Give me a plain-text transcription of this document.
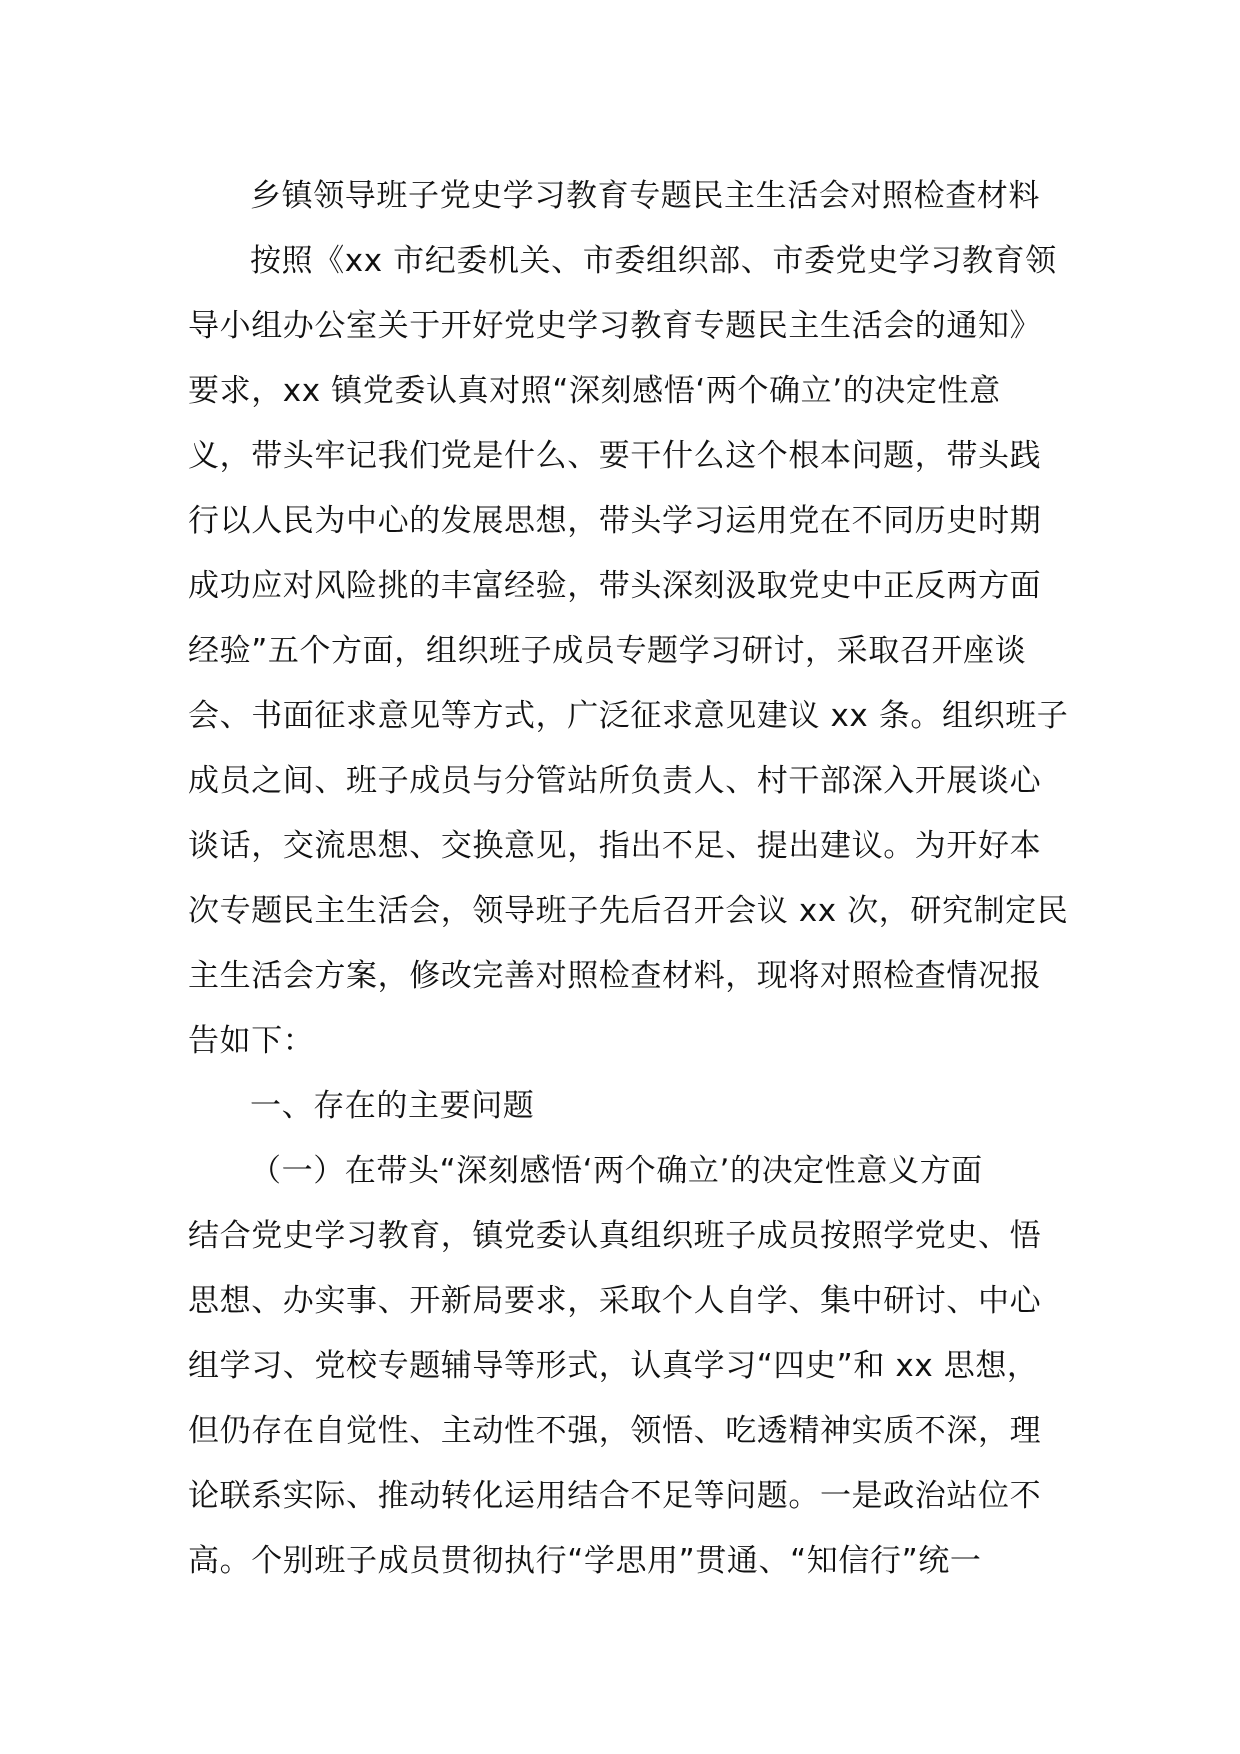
乡镇领导班子党史学习教育专题民主生活会对照检查材料
按照《xx 市纪委机关、市委组织部、市委党史学习教育领
导小组办公室关于开好党史学习教育专题民主生活会的通知》
要求，xx 镇党委认真对照“深刻感悟‘两个确立’的决定性意
义，带头牢记我们党是什么、要干什么这个根本问题，带头践
行以人民为中心的发展思想，带头学习运用党在不同历史时期
成功应对风险挑的丰富经验，带头深刻汲取党史中正反两方面
经验”五个方面，组织班子成员专题学习研讨，采取召开座谈
会、书面征求意见等方式，广泛征求意见建议 xx 条。组织班子
成员之间、班子成员与分管站所负责人、村干部深入开展谈心
谈话，交流思想、交换意见，指出不足、提出建议。为开好本
次专题民主生活会，领导班子先后召开会议 xx 次，研究制定民
主生活会方案，修改完善对照检查材料，现将对照检查情况报
告如下：
一、存在的主要问题
（一）在带头“深刻感悟‘两个确立’的决定性意义方面
结合党史学习教育，镇党委认真组织班子成员按照学党史、悟
思想、办实事、开新局要求，采取个人自学、集中研讨、中心
组学习、党校专题辅导等形式，认真学习“四史”和 xx 思想，
但仍存在自觉性、主动性不强，领悟、吃透精神实质不深，理
论联系实际、推动转化运用结合不足等问题。一是政治站位不
高。个别班子成员贯彻执行“学思用”贯通、“知信行”统一
